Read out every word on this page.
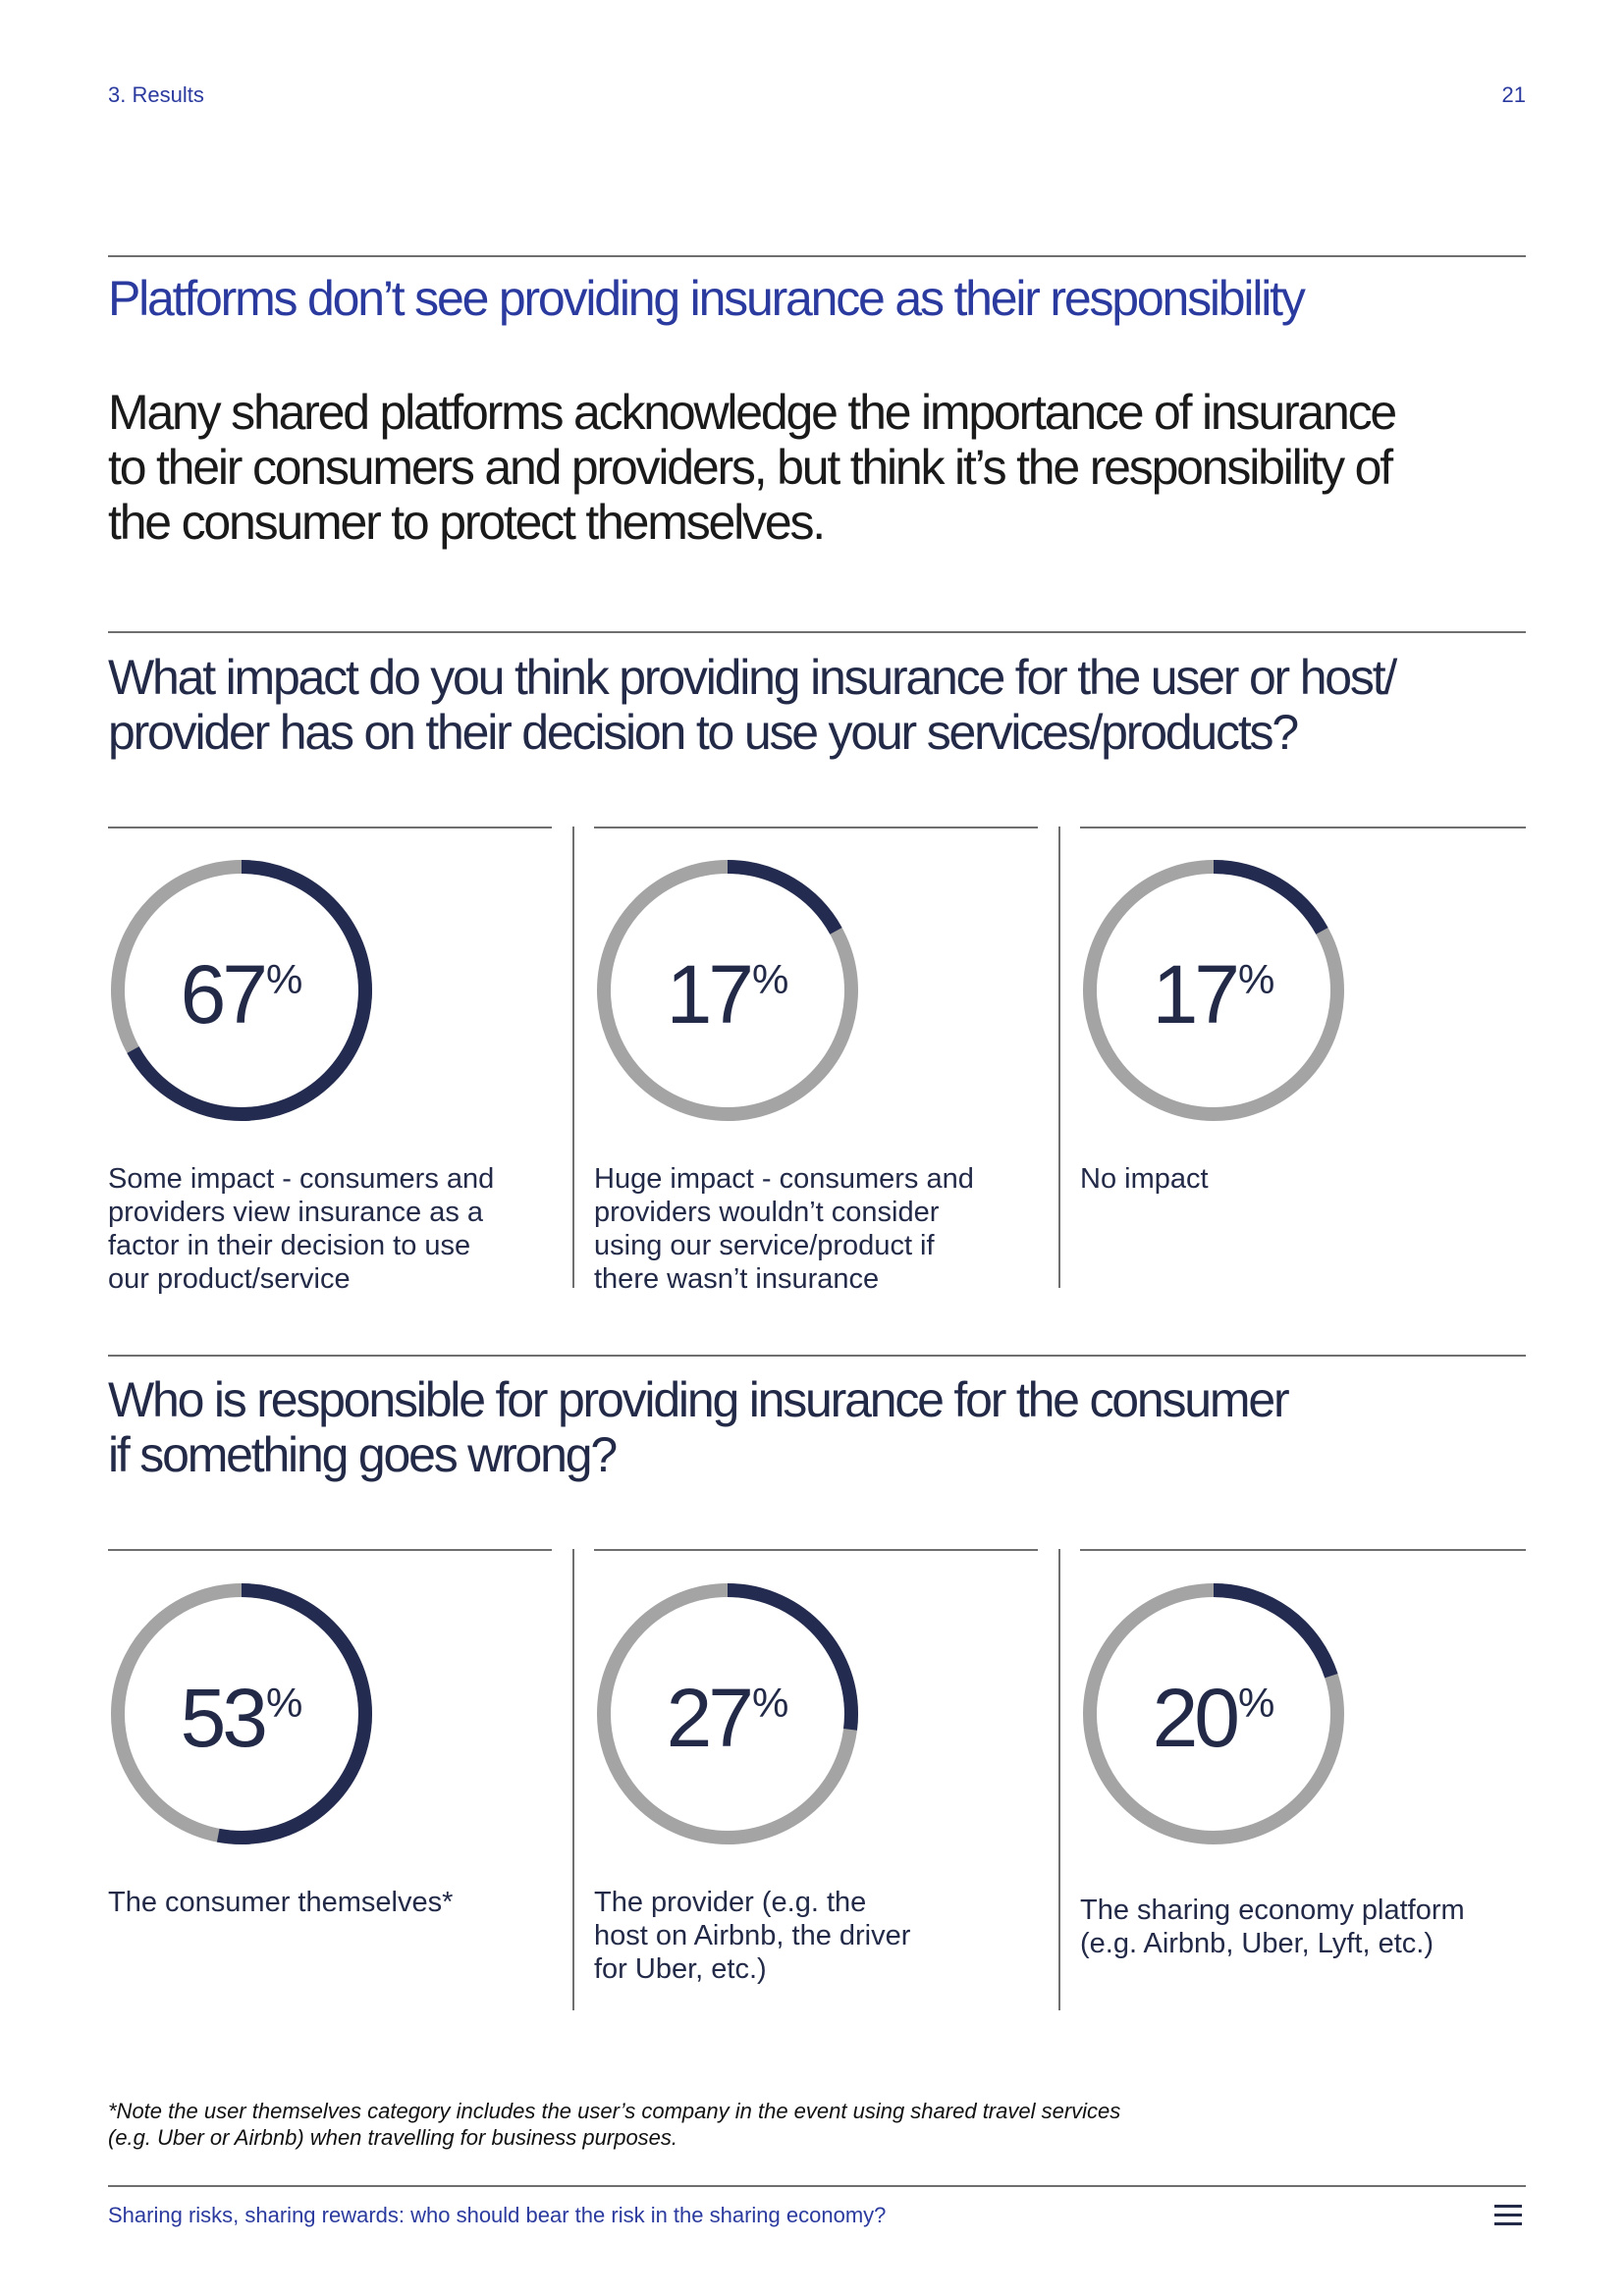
3. Results	21
Platforms don’t see providing insurance as their responsibility
Many shared platforms acknowledge the importance of insurance
to their consumers and providers, but think it’s the responsibility of
the consumer to protect themselves.
What impact do you think providing insurance for the user or host/
provider has on their decision to use your services/products?
67%	17%	17%
Some impact - consumers and
providers view insurance as a
factor in their decision to use
our product/service
Huge impact - consumers and
providers wouldn’t consider
using our service/product if
there wasn’t insurance
No impact
Who is responsible for providing insurance for the consumer
if something goes wrong?
53%	27%	20%
The consumer themselves*	The provider (e.g. the
host on Airbnb, the driver
for Uber, etc.)
The sharing economy platform
(e.g. Airbnb, Uber, Lyft, etc.)
*Note the user themselves category includes the user’s company in the event using shared travel services
(e.g. Uber or Airbnb) when travelling for business purposes.
Sharing risks, sharing rewards: who should bear the risk in the sharing economy?
